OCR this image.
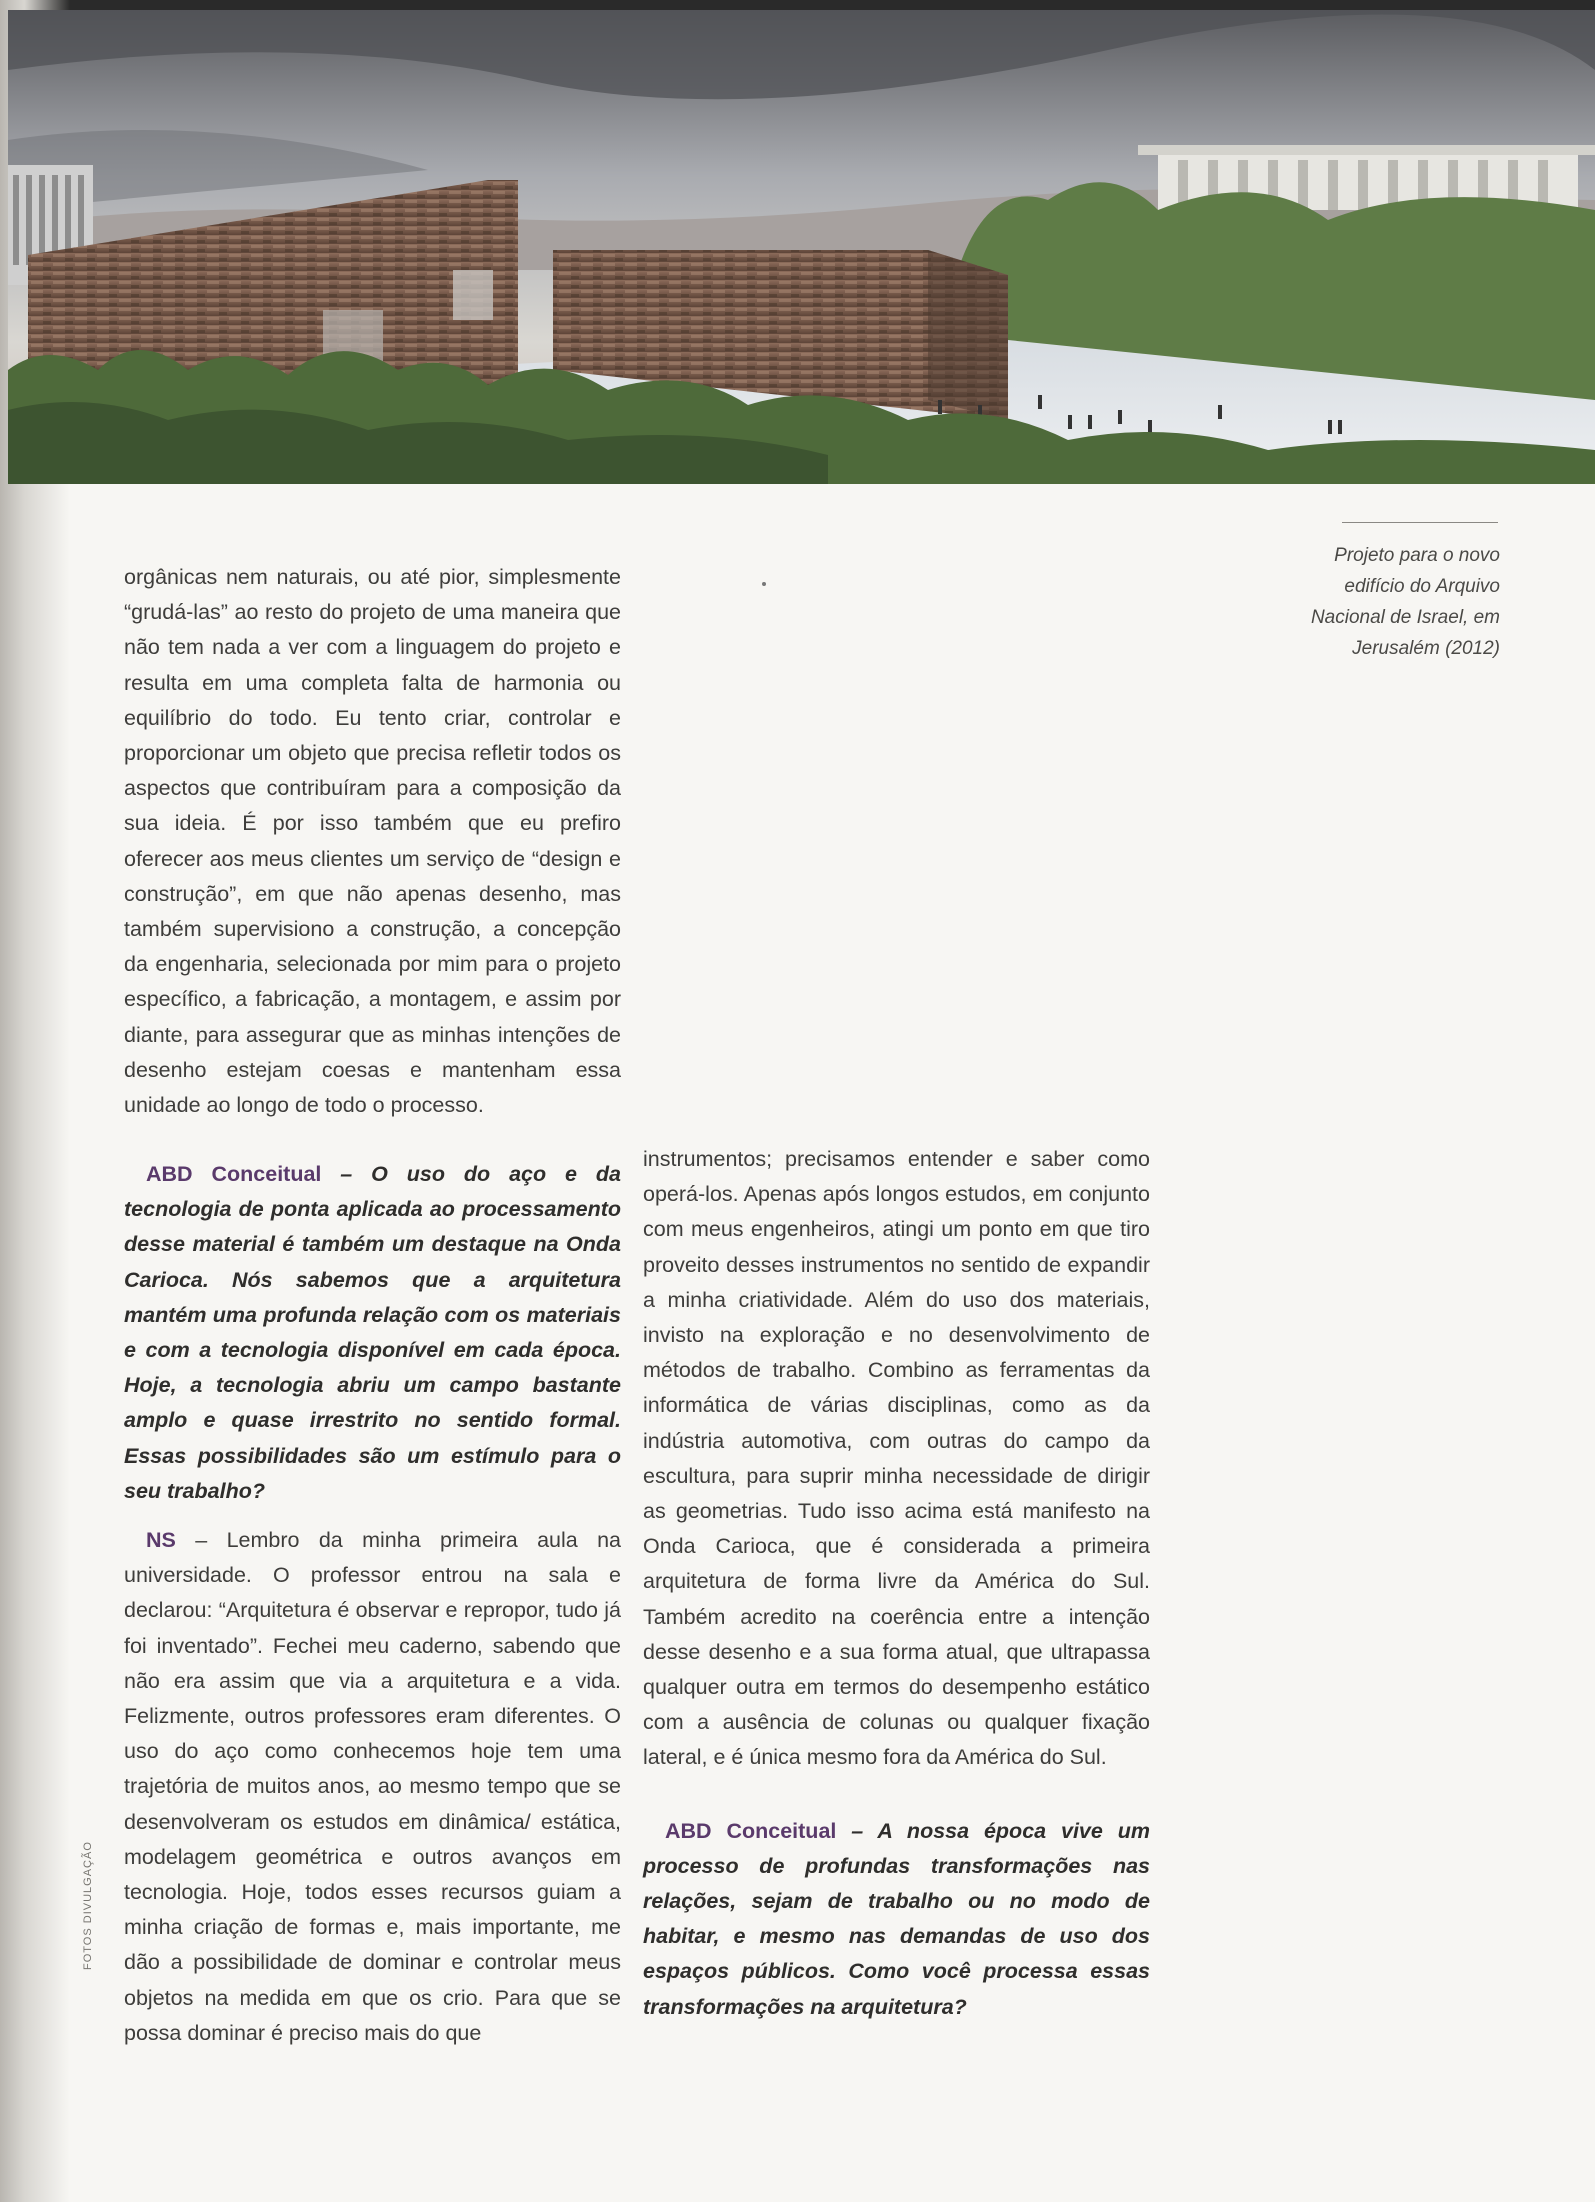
Projeto para o novo
edifício do Arquivo
Nacional de Israel, em
Jerusalém (2012)

orgânicas nem naturais, ou até pior, simplesmente “grudá-las” ao resto do projeto de uma maneira que não tem nada a ver com a linguagem do projeto e resulta em uma completa falta de harmonia ou equilíbrio do todo. Eu tento criar, controlar e proporcionar um objeto que precisa refletir todos os aspectos que contribuíram para a composição da sua ideia. É por isso também que eu prefiro oferecer aos meus clientes um serviço de “design e construção”, em que não apenas desenho, mas também supervisiono a construção, a concepção da engenharia, selecionada por mim para o projeto específico, a fabricação, a montagem, e assim por diante, para assegurar que as minhas intenções de desenho estejam coesas e mantenham essa unidade ao longo de todo o processo.

ABD Conceitual – O uso do aço e da tecnologia de ponta aplicada ao processamento desse material é também um destaque na Onda Carioca. Nós sabemos que a arquitetura mantém uma profunda relação com os materiais e com a tecnologia disponível em cada época. Hoje, a tecnologia abriu um campo bastante amplo e quase irrestrito no sentido formal. Essas possibilidades são um estímulo para o seu trabalho?

NS – Lembro da minha primeira aula na universidade. O professor entrou na sala e declarou: “Arquitetura é observar e repropor, tudo já foi inventado”. Fechei meu caderno, sabendo que não era assim que via a arquitetura e a vida. Felizmente, outros professores eram diferentes. O uso do aço como conhecemos hoje tem uma trajetória de muitos anos, ao mesmo tempo que se desenvolveram os estudos em dinâmica/ estática, modelagem geométrica e outros avanços em tecnologia. Hoje, todos esses recursos guiam a minha criação de formas e, mais importante, me dão a possibilidade de dominar e controlar meus objetos na medida em que os crio. Para que se possa dominar é preciso mais do que

instrumentos; precisamos entender e saber como operá-los. Apenas após longos estudos, em conjunto com meus engenheiros, atingi um ponto em que tiro proveito desses instrumentos no sentido de expandir a minha criatividade. Além do uso dos materiais, invisto na exploração e no desenvolvimento de métodos de trabalho. Combino as ferramentas da informática de várias disciplinas, como as da indústria automotiva, com outras do campo da escultura, para suprir minha necessidade de dirigir as geometrias. Tudo isso acima está manifesto na Onda Carioca, que é considerada a primeira arquitetura de forma livre da América do Sul. Também acredito na coerência entre a intenção desse desenho e a sua forma atual, que ultrapassa qualquer outra em termos do desempenho estático com a ausência de colunas ou qualquer fixação lateral, e é única mesmo fora da América do Sul.

ABD Conceitual – A nossa época vive um processo de profundas transformações nas relações, sejam de trabalho ou no modo de habitar, e mesmo nas demandas de uso dos espaços públicos. Como você processa essas transformações na arquitetura?

FOTOS DIVULGAÇÃO
